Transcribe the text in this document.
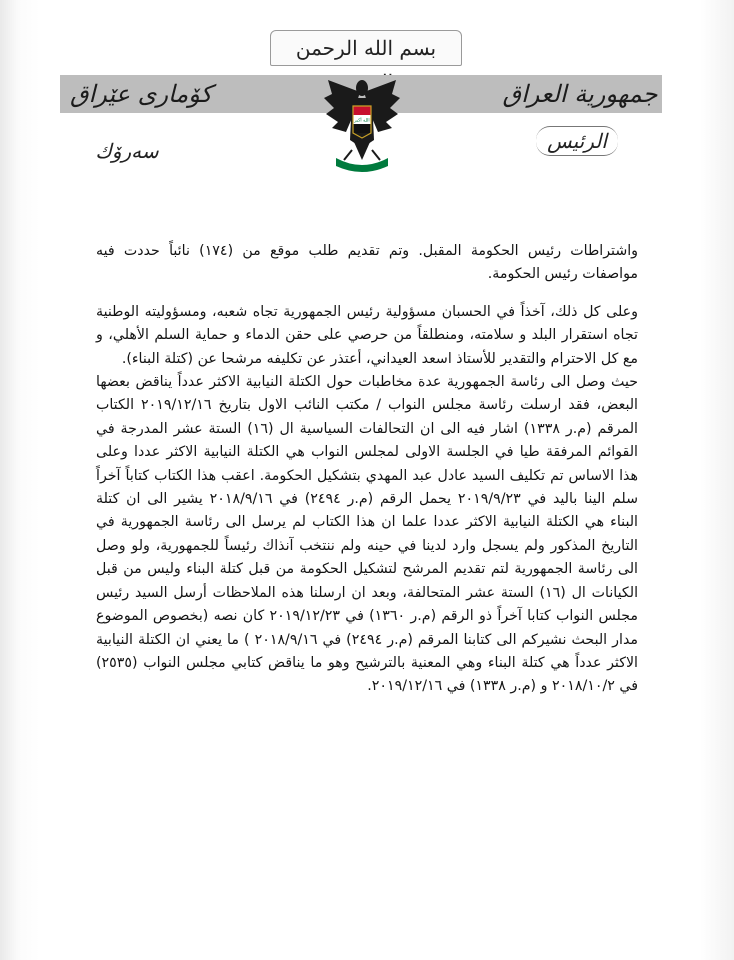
بسم الله الرحمن
كۆماری عێراق	جمهورية العراق
الله أكبر
سەرۆك	الرئيس

واشتراطات رئيس الحكومة المقبل. وتم تقديم طلب موقع من (١٧٤) نائباً حددت فيه مواصفات رئيس الحكومة.

وعلى كل ذلك، آخذاً في الحسبان مسؤولية رئيس الجمهورية تجاه شعبه، ومسؤوليته الوطنية تجاه استقرار البلد و سلامته، ومنطلقاً من حرصي على حقن الدماء و حماية السلم الأهلي، و مع كل الاحترام والتقدير للأستاذ اسعد العيداني، أعتذر عن تكليفه مرشحا عن (كتلة البناء).

حيث وصل الى رئاسة الجمهورية عدة مخاطبات حول الكتلة النيابية الاكثر عدداً يناقض بعضها البعض، فقد ارسلت رئاسة مجلس النواب / مكتب النائب الاول بتاريخ ٢٠١٩/١٢/١٦ الكتاب المرقم (م.ر ١٣٣٨) اشار فيه الى ان التحالفات السياسية ال (١٦) الستة عشر المدرجة في القوائم المرفقة طيا في الجلسة الاولى لمجلس النواب هي الكتلة النيابية الاكثر عددا وعلى هذا الاساس تم تكليف السيد عادل عبد المهدي بتشكيل الحكومة. اعقب هذا الكتاب كتاباً آخراً سلم الينا باليد في ٢٠١٩/٩/٢٣ يحمل الرقم (م.ر ٢٤٩٤) في ٢٠١٨/٩/١٦ يشير الى ان كتلة البناء هي الكتلة النيابية الاكثر عددا علما ان هذا الكتاب لم يرسل الى رئاسة الجمهورية في التاريخ المذكور ولم يسجل وارد لدينا في حينه ولم ننتخب آنذاك رئيساً للجمهورية، ولو وصل الى رئاسة الجمهورية لتم تقديم المرشح لتشكيل الحكومة من قبل كتلة البناء وليس من قبل الكيانات ال (١٦) الستة عشر المتحالفة، وبعد ان ارسلنا هذه الملاحظات أرسل السيد رئيس مجلس النواب كتابا آخراً ذو الرقم (م.ر ١٣٦٠) في ٢٠١٩/١٢/٢٣ كان نصه (بخصوص الموضوع مدار البحث نشيركم الى كتابنا المرقم (م.ر ٢٤٩٤) في ٢٠١٨/٩/١٦ ) ما يعني ان الكتلة النيابية الاكثر عدداً هي كتلة البناء وهي المعنية بالترشيح وهو ما يناقض كتابي مجلس النواب (٢٥٣٥) في ٢٠١٨/١٠/٢ و (م.ر ١٣٣٨) في ٢٠١٩/١٢/١٦.
